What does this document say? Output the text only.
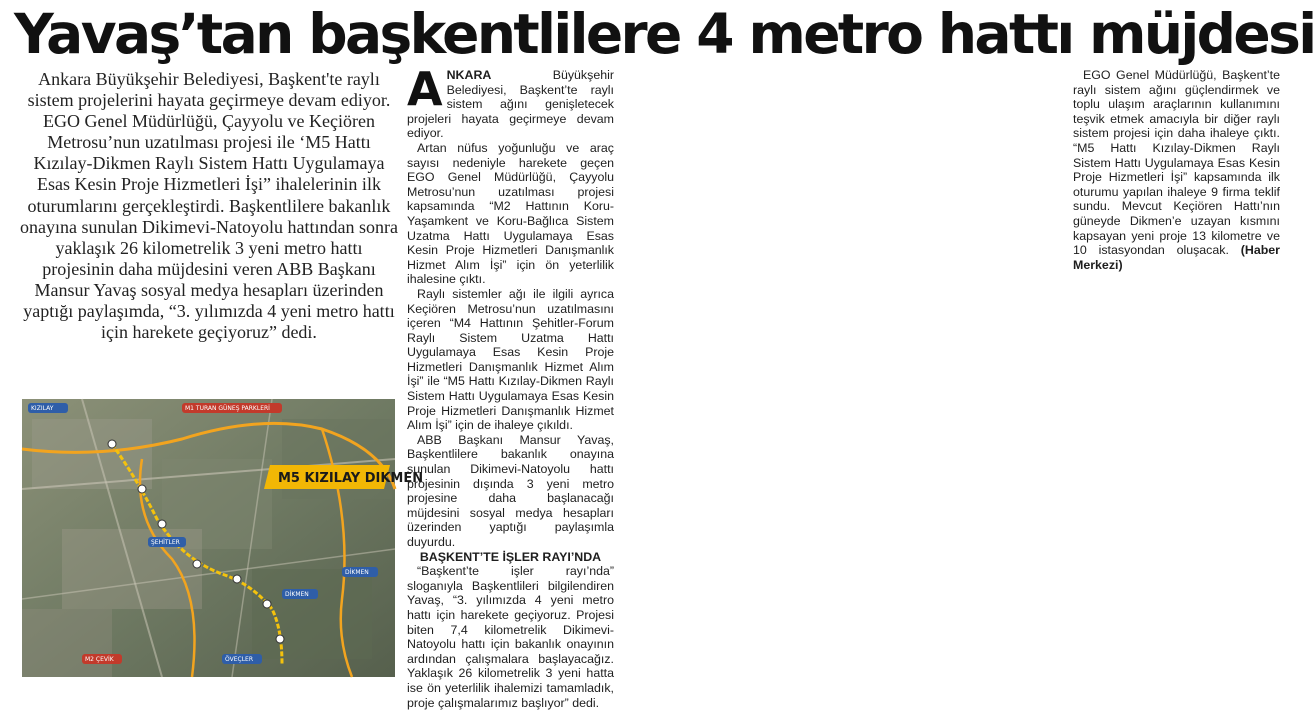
Yavaş’tan başkentlilere 4 metro hattı müjdesi

Ankara Büyükşehir Belediyesi, Başkent'te raylı sistem projelerini hayata geçirmeye devam ediyor. EGO Genel Müdürlüğü, Çayyolu ve Keçiören Metrosu’nun uzatılması projesi ile ‘M5 Hattı Kızılay-Dikmen Raylı Sistem Hattı Uygulamaya Esas Kesin Proje Hizmetleri İşi” ihalelerinin ilk oturumlarını gerçekleştirdi. Başkentlilere bakanlık onayına sunulan Dikimevi-Natoyolu hattından sonra yaklaşık 26 kilometrelik 3 yeni metro hattı projesinin daha müjdesini veren ABB Başkanı Mansur Yavaş sosyal medya hesapları üzerinden yaptığı paylaşımda, “3. yılımızda 4 yeni metro hattı için harekete geçiyoruz” dedi.

KIZILAY	M1 TURAN GÜNEŞ PARKLERİ
ŞEHİTLER
M2 ÇEVİK
DİKMEN
ÖVEÇLER
DİKMEN
M5 KIZILAY DIKMEN

ANKARA Büyükşehir Belediyesi, Başkent’te raylı sistem ağını genişletecek projeleri hayata geçirmeye devam ediyor.

Artan nüfus yoğunluğu ve araç sayısı nedeniyle harekete geçen EGO Genel Müdürlüğü, Çayyolu Metrosu’nun uzatılması projesi kapsamında “M2 Hattının Koru-Yaşamkent ve Koru-Bağlıca Sistem Uzatma Hattı Uygulamaya Esas Kesin Proje Hizmetleri Danışmanlık Hizmet Alım İşi” için ön yeterlilik ihalesine çıktı.

Raylı sistemler ağı ile ilgili ayrıca Keçiören Metrosu’nun uzatılmasını içeren “M4 Hattının Şehitler-Forum Raylı Sistem Uzatma Hattı Uygulamaya Esas Kesin Proje Hizmetleri Danışmanlık Hizmet Alım İşi” ile “M5 Hattı Kızılay-Dikmen Raylı Sistem Hattı Uygulamaya Esas Kesin Proje Hizmetleri Danışmanlık Hizmet Alım İşi” için de ihaleye çıkıldı.

ABB Başkanı Mansur Yavaş, Başkentlilere bakanlık onayına sunulan Dikimevi-Natoyolu hattı projesinin dışında 3 yeni metro projesine daha başlanacağı müjdesini sosyal medya hesapları üzerinden yaptığı paylaşımla duyurdu.

BAŞKENT’TE İŞLER RAYI’NDA

“Başkent’te işler rayı’nda” sloganıyla Başkentlileri bilgilendiren Yavaş, “3. yılımızda 4 yeni metro hattı için harekete geçiyoruz. Projesi biten 7,4 kilometrelik Dikimevi-Natoyolu hattı için bakanlık onayının ardından çalışmalara başlayacağız. Yaklaşık 26 kilometrelik 3 yeni hatta ise ön yeterlilik ihalemizi tamamladık, proje çalışmalarımız başlıyor” dedi.

EGO Genel Müdürlüğü, Başkent’te raylı sistem ağını güçlendirmek ve toplu ulaşım araçlarının kullanımını teşvik etmek amacıyla bir diğer raylı sistem projesi için daha ihaleye çıktı. “M5 Hattı Kızılay-Dikmen Raylı Sistem Hattı Uygulamaya Esas Kesin Proje Hizmetleri İşi” kapsamında ilk oturumu yapılan ihaleye 9 firma teklif sundu. Mevcut Keçiören Hattı’nın güneyde Dikmen’e uzayan kısmını kapsayan yeni proje 13 kilometre ve 10 istasyondan oluşacak. (Haber Merkezi)
